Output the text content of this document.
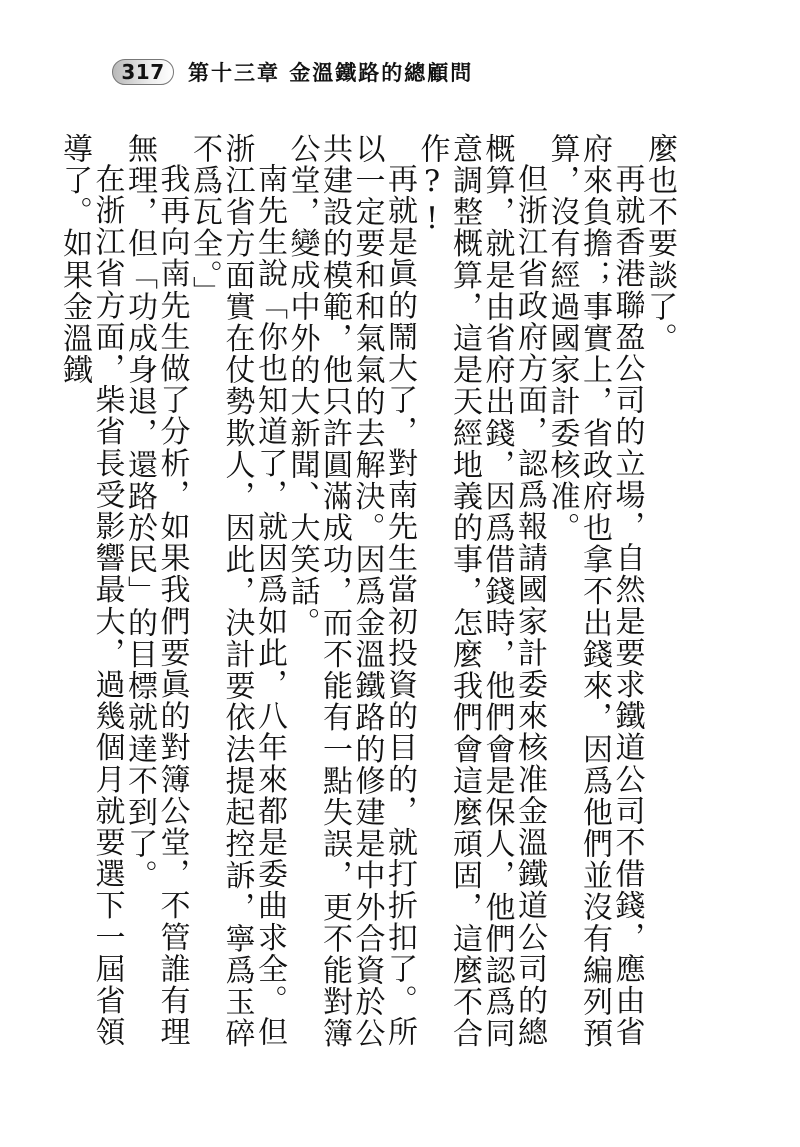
317 第十三章 金溫鐵路的總顧問

麼也不要談了。

再就香港聯盈公司的立場，自然是要求鐵道公司不借錢，應由省府來負擔；事實上，省政府也拿不出錢來，因爲他們並沒有編列預算，沒有經過國家計委核准。

但浙江省政府方面，認爲報請國家計委來核准金溫鐵道公司的總概算，就是由省府出錢，因爲借錢時，他們會是保人，他們認爲同意調整概算，這是天經地義的事，怎麼我們會這麼頑固，這麼不合作?!

再就是眞的鬧大了，對南先生當初投資的目的，就打折扣了。所以一定要和和氣氣的去解決。因爲金溫鐵路的修建是中外合資於公共建設的模範，他只許圓滿成功，而不能有一點失誤，更不能對簿公堂，變成中外的大新聞、大笑話。

南先生說「你也知道了，就因爲如此，八年來都是委曲求全。但浙江省方面實在仗勢欺人，因此，決計要依法提起控訴，寧爲玉碎不爲瓦全。」

我再向南先生做了分析，如果我們要眞的對簿公堂，不管誰有理無理，但「功成身退，還路於民」的目標就達不到了。

在浙江省方面，柴省長受影響最大，過幾個月就要選下一屆省領導了。如果金溫鐵
